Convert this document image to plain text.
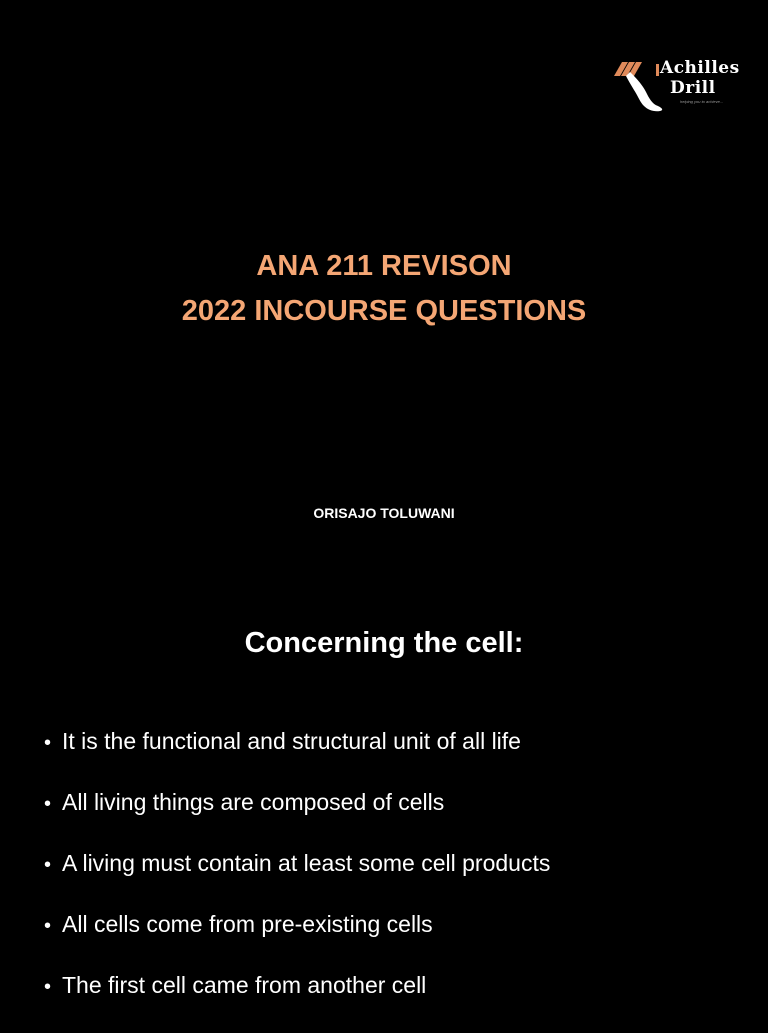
Achilles
Drill
helping you to achieve...
ANA 211 REVISON
2022 INCOURSE QUESTIONS
ORISAJO TOLUWANI
Concerning the cell:
• It is the functional and structural unit of all life
• All living things are composed of cells
• A living must contain at least some cell products
• All cells come from pre-existing cells
• The first cell came from another cell
